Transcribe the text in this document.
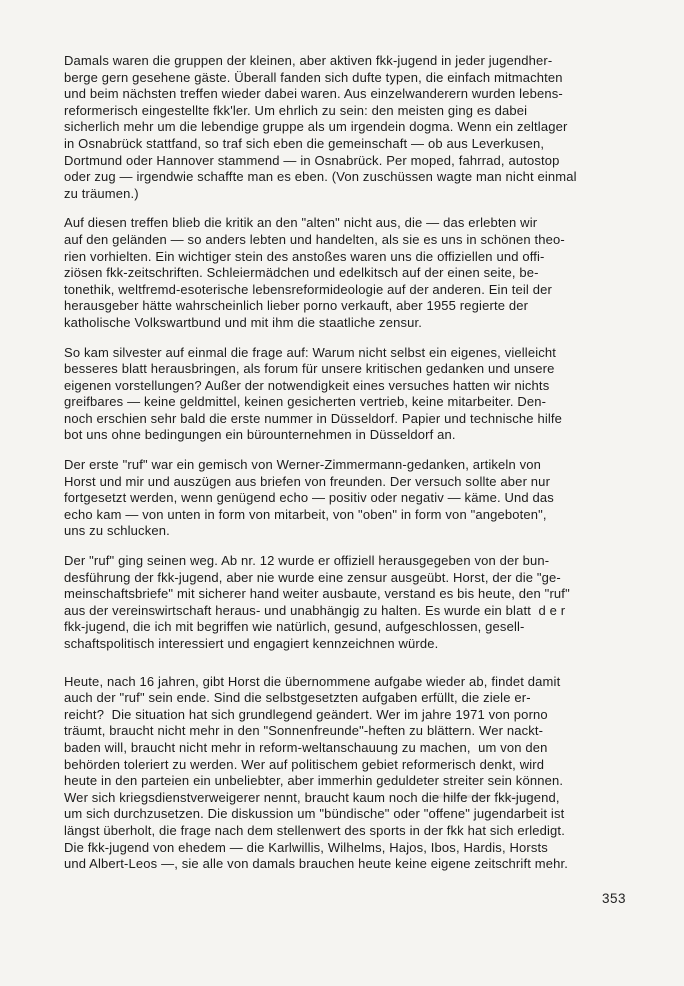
Damals waren die gruppen der kleinen, aber aktiven fkk-jugend in jeder jugendher-
berge gern gesehene gäste. Überall fanden sich dufte typen, die einfach mitmachten
und beim nächsten treffen wieder dabei waren. Aus einzelwanderern wurden lebens-
reformerisch eingestellte fkk'ler. Um ehrlich zu sein: den meisten ging es dabei
sicherlich mehr um die lebendige gruppe als um irgendein dogma. Wenn ein zeltlager
in Osnabrück stattfand, so traf sich eben die gemeinschaft — ob aus Leverkusen,
Dortmund oder Hannover stammend — in Osnabrück. Per moped, fahrrad, autostop
oder zug — irgendwie schaffte man es eben. (Von zuschüssen wagte man nicht einmal
zu träumen.)
Auf diesen treffen blieb die kritik an den "alten" nicht aus, die — das erlebten wir
auf den geländen — so anders lebten und handelten, als sie es uns in schönen theo-
rien vorhielten. Ein wichtiger stein des anstoßes waren uns die offiziellen und offi-
ziösen fkk-zeitschriften. Schleiermädchen und edelkitsch auf der einen seite, be-
tonethik, weltfremd-esoterische lebensreformideologie auf der anderen. Ein teil der
herausgeber hätte wahrscheinlich lieber porno verkauft, aber 1955 regierte der
katholische Volkswartbund und mit ihm die staatliche zensur.
So kam silvester auf einmal die frage auf: Warum nicht selbst ein eigenes, vielleicht
besseres blatt herausbringen, als forum für unsere kritischen gedanken und unsere
eigenen vorstellungen? Außer der notwendigkeit eines versuches hatten wir nichts
greifbares — keine geldmittel, keinen gesicherten vertrieb, keine mitarbeiter. Den-
noch erschien sehr bald die erste nummer in Düsseldorf. Papier und technische hilfe
bot uns ohne bedingungen ein bürounternehmen in Düsseldorf an.
Der erste "ruf" war ein gemisch von Werner-Zimmermann-gedanken, artikeln von
Horst und mir und auszügen aus briefen von freunden. Der versuch sollte aber nur
fortgesetzt werden, wenn genügend echo — positiv oder negativ — käme. Und das
echo kam — von unten in form von mitarbeit, von "oben" in form von "angeboten",
uns zu schlucken.
Der "ruf" ging seinen weg. Ab nr. 12 wurde er offiziell herausgegeben von der bun-
desführung der fkk-jugend, aber nie wurde eine zensur ausgeübt. Horst, der die "ge-
meinschaftsbriefe" mit sicherer hand weiter ausbaute, verstand es bis heute, den "ruf"
aus der vereinswirtschaft heraus- und unabhängig zu halten. Es wurde ein blatt  d e r
fkk-jugend, die ich mit begriffen wie natürlich, gesund, aufgeschlossen, gesell-
schaftspolitisch interessiert und engagiert kennzeichnen würde.
Heute, nach 16 jahren, gibt Horst die übernommene aufgabe wieder ab, findet damit
auch der "ruf" sein ende. Sind die selbstgesetzten aufgaben erfüllt, die ziele er-
reicht?  Die situation hat sich grundlegend geändert. Wer im jahre 1971 von porno
träumt, braucht nicht mehr in den "Sonnenfreunde"-heften zu blättern. Wer nackt-
baden will, braucht nicht mehr in reform-weltanschauung zu machen,  um von den
behörden toleriert zu werden. Wer auf politischem gebiet reformerisch denkt, wird
heute in den parteien ein unbeliebter, aber immerhin geduldeter streiter sein können.
Wer sich kriegsdienstverweigerer nennt, braucht kaum noch die hilfe der fkk-jugend,
um sich durchzusetzen. Die diskussion um "bündische" oder "offene" jugendarbeit ist
längst überholt, die frage nach dem stellenwert des sports in der fkk hat sich erledigt.
Die fkk-jugend von ehedem — die Karlwillis, Wilhelms, Hajos, Ibos, Hardis, Horsts
und Albert-Leos —, sie alle von damals brauchen heute keine eigene zeitschrift mehr.
353
